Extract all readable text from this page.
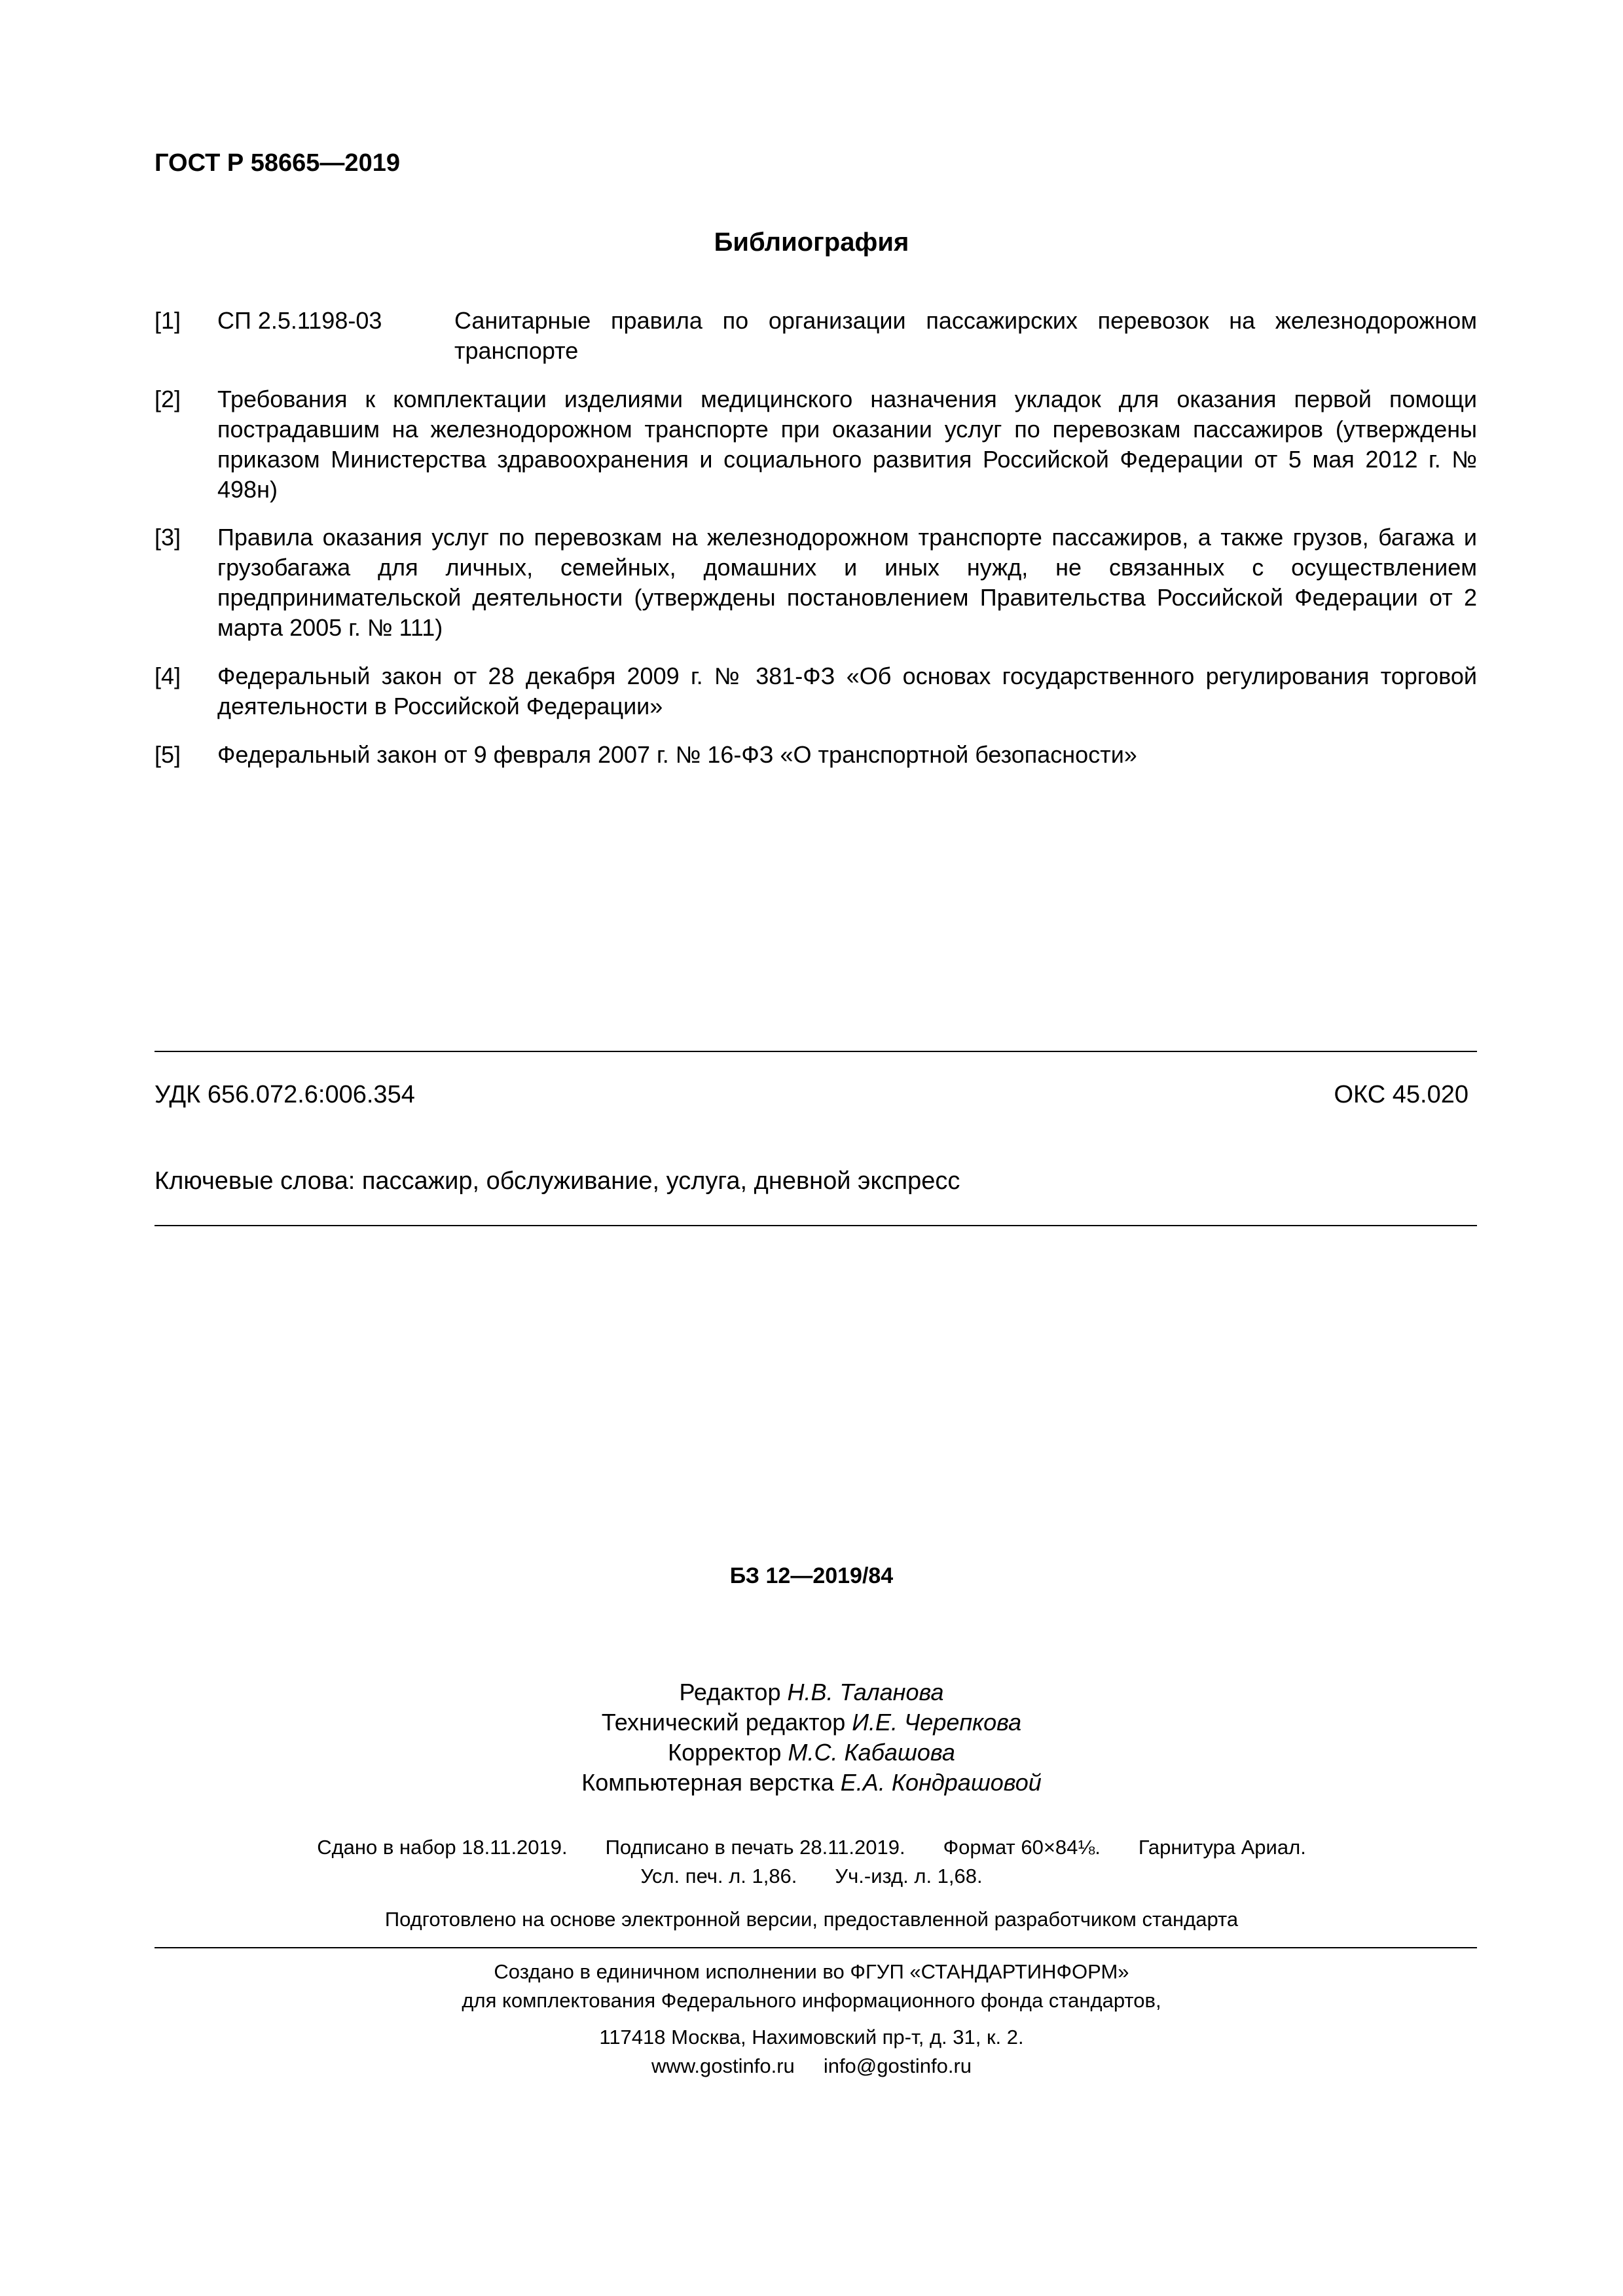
ГОСТ Р 58665—2019
Библиография
[1] СП 2.5.1198-03	Санитарные правила по организации пассажирских перевозок на железнодорожном транспорте
[2] Требования к комплектации изделиями медицинского назначения укладок для оказания первой помощи пострадавшим на железнодорожном транспорте при оказании услуг по перевозкам пассажиров (утверждены приказом Министерства здравоохранения и социального развития Российской Федерации от 5 мая 2012 г. № 498н)
[3] Правила оказания услуг по перевозкам на железнодорожном транспорте пассажиров, а также грузов, багажа и грузобагажа для личных, семейных, домашних и иных нужд, не связанных с осуществлением предпринимательской деятельности (утверждены постановлением Правительства Российской Федерации от 2 марта 2005 г. № 111)
[4] Федеральный закон от 28 декабря 2009 г. № 381-ФЗ «Об основах государственного регулирования торговой деятельности в Российской Федерации»
[5] Федеральный закон от 9 февраля 2007 г. № 16-ФЗ «О транспортной безопасности»
УДК 656.072.6:006.354	ОКС 45.020
Ключевые слова: пассажир, обслуживание, услуга, дневной экспресс
БЗ 12—2019/84
Редактор Н.В. Таланова
Технический редактор И.Е. Черепкова
Корректор М.С. Кабашова
Компьютерная верстка Е.А. Кондрашовой
Сдано в набор 18.11.2019. Подписано в печать 28.11.2019. Формат 60×84⅛. Гарнитура Ариал.
Усл. печ. л. 1,86. Уч.-изд. л. 1,68.
Подготовлено на основе электронной версии, предоставленной разработчиком стандарта
Создано в единичном исполнении во ФГУП «СТАНДАРТИНФОРМ»
для комплектования Федерального информационного фонда стандартов,
117418 Москва, Нахимовский пр-т, д. 31, к. 2.
www.gostinfo.ru info@gostinfo.ru
